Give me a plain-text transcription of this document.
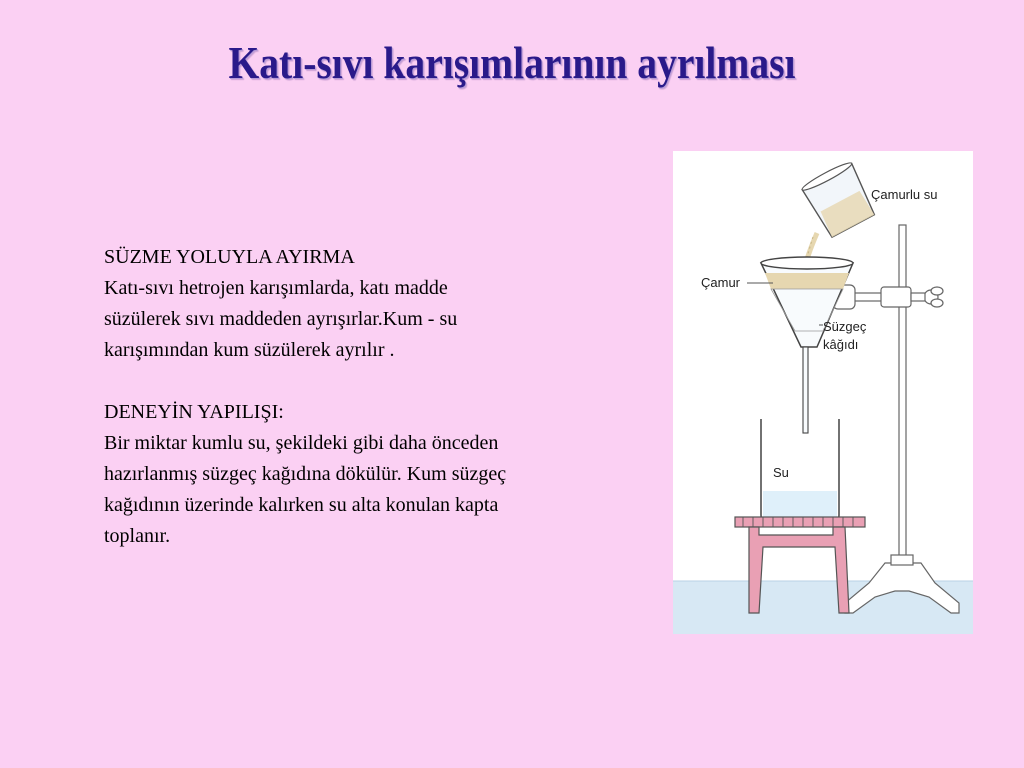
Katı-sıvı karışımlarının ayrılması

SÜZME YOLUYLA AYIRMA

Katı-sıvı hetrojen karışımlarda, katı madde

süzülerek sıvı maddeden ayrışırlar.Kum - su

karışımından kum süzülerek ayrılır .

DENEYİN YAPILIŞI:

Bir miktar kumlu su, şekildeki gibi daha önceden

hazırlanmış süzgeç kağıdına dökülür. Kum süzgeç

kağıdının üzerinde kalırken su alta konulan kapta

toplanır.

Çamurlu su
Çamur
Süzgeç
kâğıdı
Su
